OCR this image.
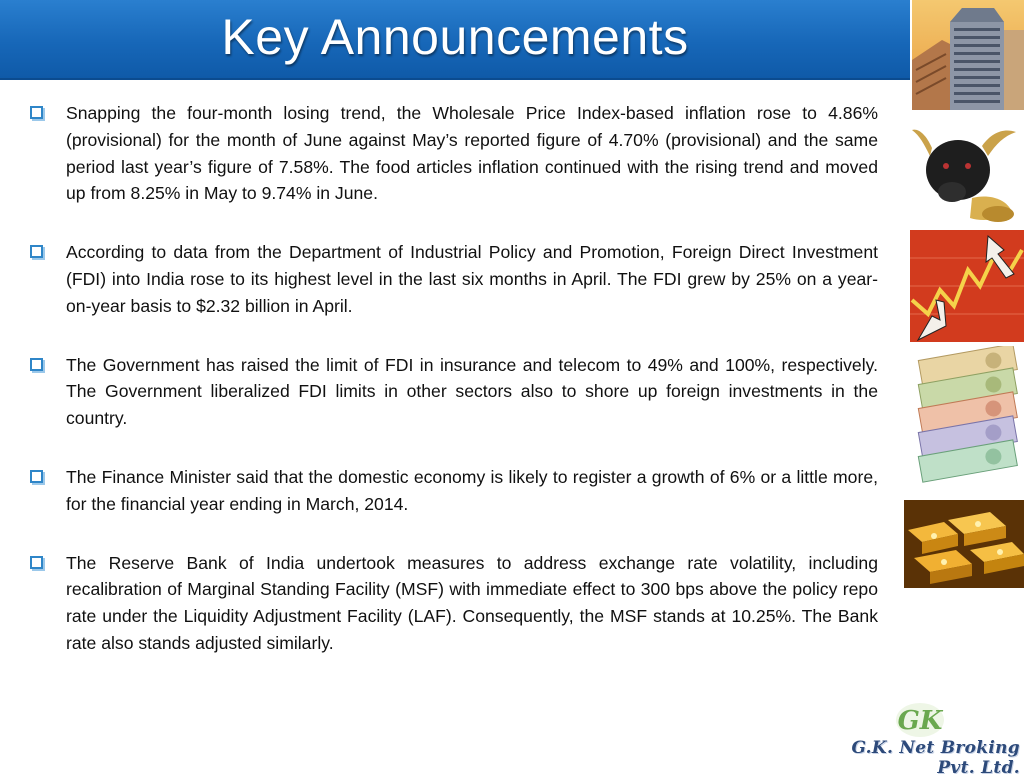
Key Announcements
Snapping the four-month losing trend, the Wholesale Price Index-based inflation rose to 4.86% (provisional) for the month of June against May’s reported figure of 4.70% (provisional) and the same period last year’s figure of 7.58%. The food articles inflation continued with the rising trend and moved up from 8.25% in May to 9.74% in June.
According to data from the Department of Industrial Policy and Promotion, Foreign Direct Investment (FDI) into India rose to its highest level in the last six months in April. The FDI grew by 25% on a year-on-year basis to $2.32 billion in April.
The Government has raised the limit of FDI in insurance and telecom to 49% and 100%, respectively. The Government liberalized FDI limits in other sectors also to shore up foreign investments in the country.
The Finance Minister said that the domestic economy is likely to register a growth of 6% or a little more, for the financial year ending in March, 2014.
The Reserve Bank of India undertook measures to address exchange rate volatility, including recalibration of Marginal Standing Facility (MSF) with immediate effect to 300 bps above the policy repo rate under the Liquidity Adjustment Facility (LAF). Consequently, the MSF stands at 10.25%. The Bank rate also stands adjusted similarly.
GK
G.K. Net Broking Pvt. Ltd.
